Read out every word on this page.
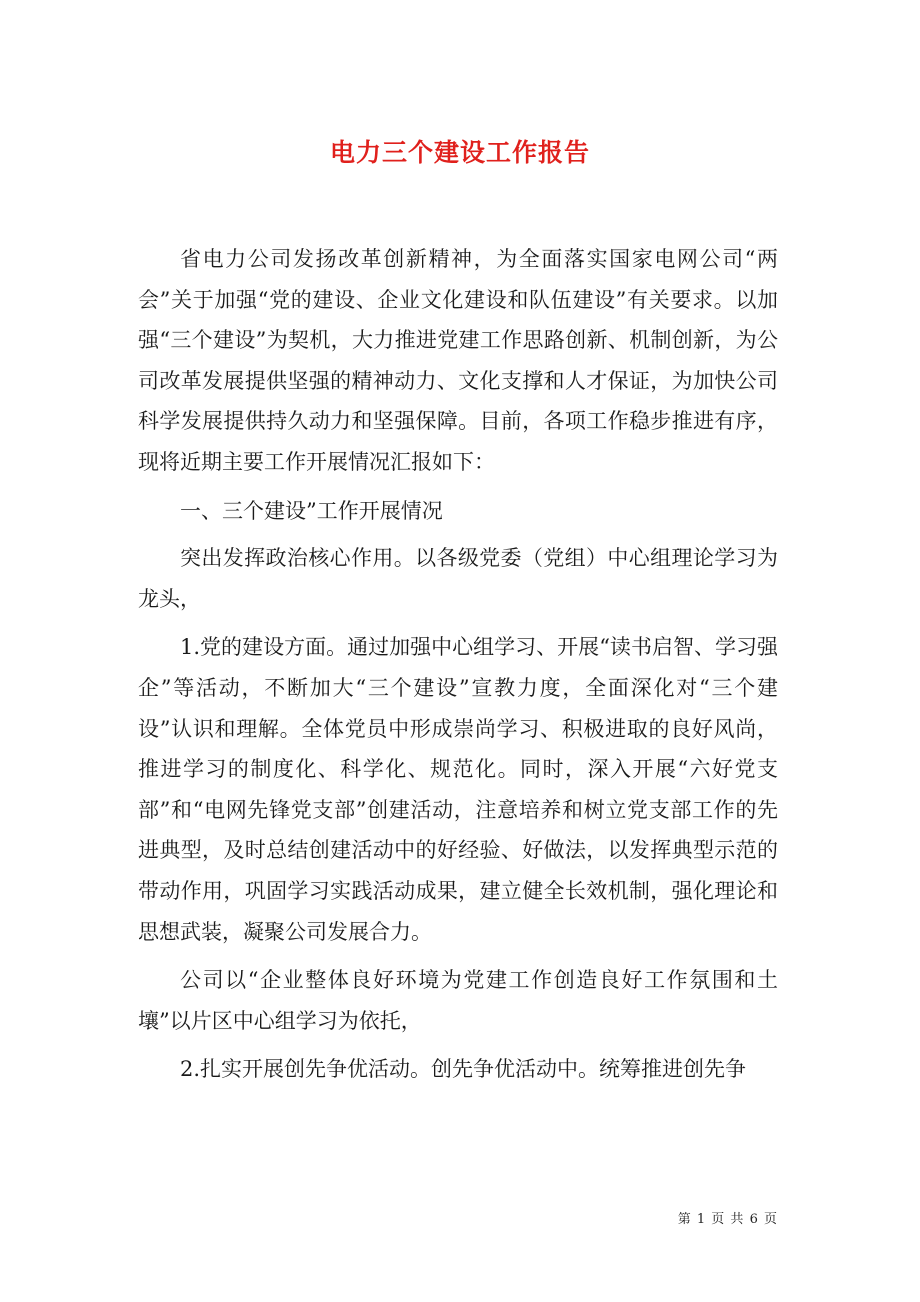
电力三个建设工作报告

省电力公司发扬改革创新精神，为全面落实国家电网公司“两会”关于加强“党的建设、企业文化建设和队伍建设”有关要求。以加强“三个建设”为契机，大力推进党建工作思路创新、机制创新，为公司改革发展提供坚强的精神动力、文化支撑和人才保证，为加快公司科学发展提供持久动力和坚强保障。目前，各项工作稳步推进有序，现将近期主要工作开展情况汇报如下：

一、三个建设”工作开展情况

突出发挥政治核心作用。以各级党委（党组）中心组理论学习为龙头，

1.党的建设方面。通过加强中心组学习、开展“读书启智、学习强企”等活动，不断加大“三个建设”宣教力度，全面深化对“三个建设”认识和理解。全体党员中形成崇尚学习、积极进取的良好风尚，推进学习的制度化、科学化、规范化。同时，深入开展“六好党支部”和“电网先锋党支部”创建活动，注意培养和树立党支部工作的先进典型，及时总结创建活动中的好经验、好做法，以发挥典型示范的带动作用，巩固学习实践活动成果，建立健全长效机制，强化理论和思想武装，凝聚公司发展合力。

公司以“企业整体良好环境为党建工作创造良好工作氛围和土壤”以片区中心组学习为依托，

2.扎实开展创先争优活动。创先争优活动中。统筹推进创先争

第 1 页 共 6 页
